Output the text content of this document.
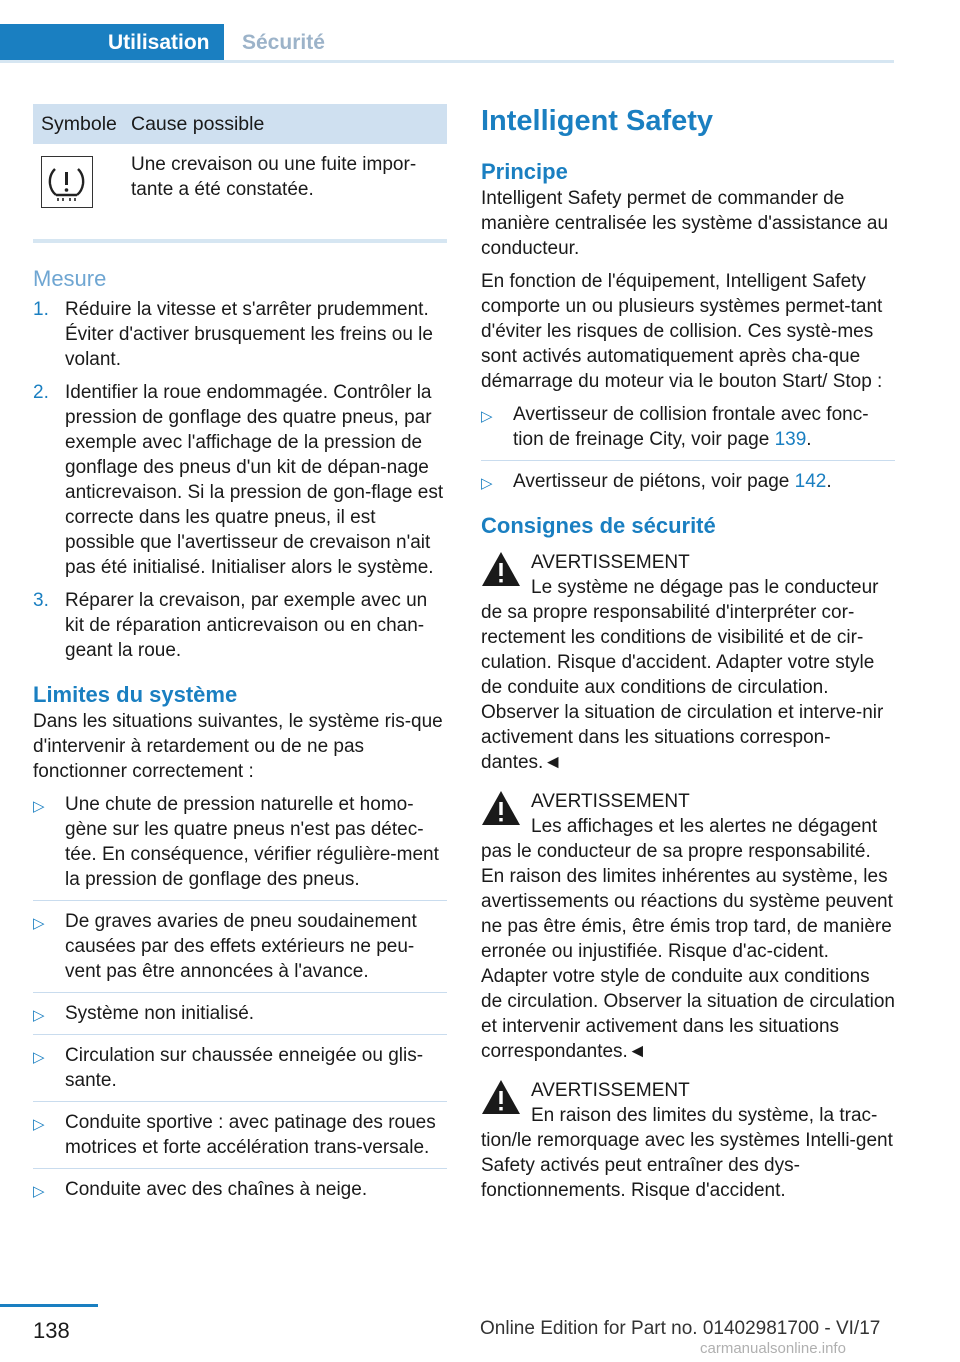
Utilisation Sécurité
Symbole Cause possible
Une crevaison ou une fuite impor-tante a été constatée.
Mesure
1. Réduire la vitesse et s'arrêter prudemment. Éviter d'activer brusquement les freins ou le volant.
2. Identifier la roue endommagée. Contrôler la pression de gonflage des quatre pneus, par exemple avec l'affichage de la pression de gonflage des pneus d'un kit de dépan-nage anticrevaison. Si la pression de gon-flage est correcte dans les quatre pneus, il est possible que l'avertisseur de crevaison n'ait pas été initialisé. Initialiser alors le système.
3. Réparer la crevaison, par exemple avec un kit de réparation anticrevaison ou en chan-geant la roue.
Limites du système

Dans les situations suivantes, le système ris-que d'intervenir à retardement ou de ne pas fonctionner correctement :

▷ Une chute de pression naturelle et homo-gène sur les quatre pneus n'est pas détec-tée. En conséquence, vérifier régulière-ment la pression de gonflage des pneus.
▷ De graves avaries de pneu soudainement causées par des effets extérieurs ne peu-vent pas être annoncées à l'avance.
▷ Système non initialisé.
▷ Circulation sur chaussée enneigée ou glis-sante.
▷ Conduite sportive : avec patinage des roues motrices et forte accélération trans-versale.
▷ Conduite avec des chaînes à neige.
Intelligent Safety
Principe

Intelligent Safety permet de commander de manière centralisée les système d'assistance au conducteur.

En fonction de l'équipement, Intelligent Safety comporte un ou plusieurs systèmes permet-tant d'éviter les risques de collision. Ces systè-mes sont activés automatiquement après cha-que démarrage du moteur via le bouton Start/ Stop :

▷ Avertisseur de collision frontale avec fonc-tion de freinage City, voir page 139.
▷ Avertisseur de piétons, voir page 142.
Consignes de sécurité
AVERTISSEMENT
Le système ne dégage pas le conducteur
de sa propre responsabilité d'interpréter cor-rectement les conditions de visibilité et de cir-culation. Risque d'accident. Adapter votre style de conduite aux conditions de circulation. Observer la situation de circulation et interve-nir activement dans les situations correspon-dantes.◄
AVERTISSEMENT
Les affichages et les alertes ne dégagent
pas le conducteur de sa propre responsabilité. En raison des limites inhérentes au système, les avertissements ou réactions du système peuvent ne pas être émis, être émis trop tard, de manière erronée ou injustifiée. Risque d'ac-cident. Adapter votre style de conduite aux conditions de circulation. Observer la situation de circulation et intervenir activement dans les situations correspondantes.◄
AVERTISSEMENT
En raison des limites du système, la trac-
tion/le remorquage avec les systèmes Intelli-gent Safety activés peut entraîner des dys-fonctionnements. Risque d'accident.
138	Online Edition for Part no. 01402981700 - VI/17
carmanualsonline.info
